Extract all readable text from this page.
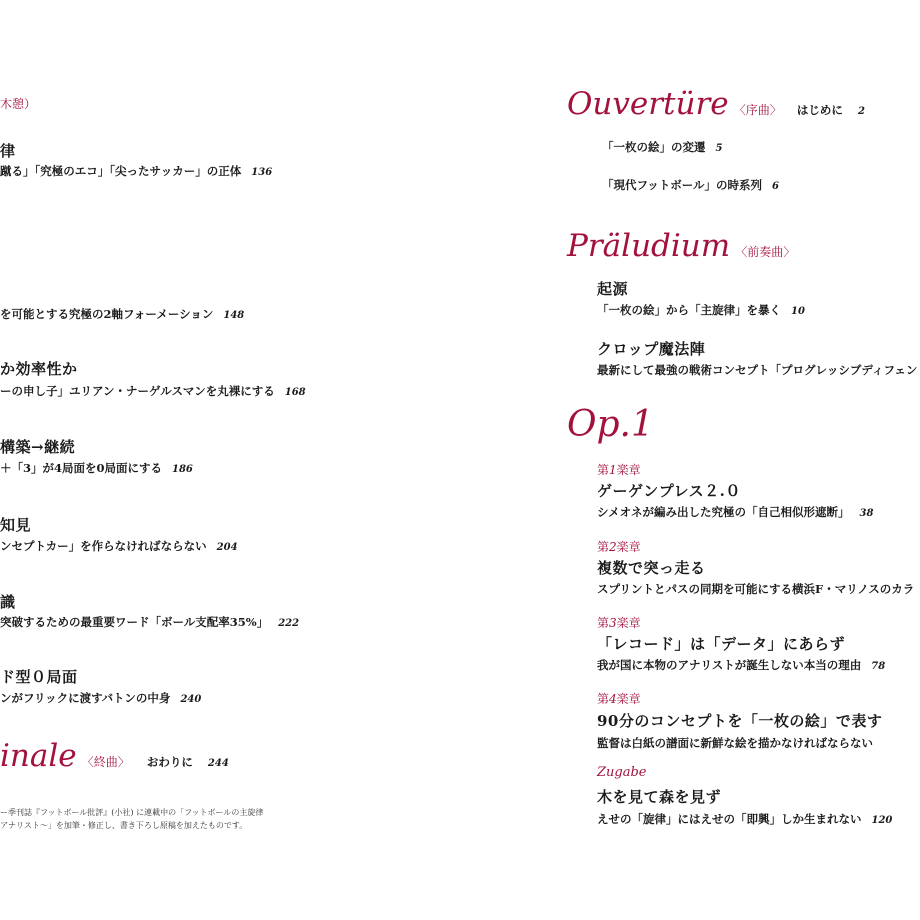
木憩）
律
蹴る」「究極のエコ」「尖ったサッカー」の正体 136
を可能とする究極の2軸フォーメーション 148
か効率性か
ーの申し子」ユリアン・ナーゲルスマンを丸裸にする 168
構築→継続
＋「3」が4局面を0局面にする 186
知見
ンセプトカー」を作らなければならない 204
識
突破するための最重要ワード「ボール支配率35%」 222
ド型０局面
ンがフリックに渡すバトンの中身 240
inale 〈終曲〉 おわりに 244
ー季刊誌『フットボール批評』(小社) に連載中の「フットボールの主旋律
アナリスト～」を加筆・修正し、書き下ろし原稿を加えたものです。
Ouvertüre 〈序曲〉 はじめに 2
「一枚の絵」の変遷 5
「現代フットボール」の時系列 6
Präludium 〈前奏曲〉
起源
「一枚の絵」から「主旋律」を暴く 10
クロップ魔法陣
最新にして最強の戦術コンセプト「プログレッシブディフェン
Op.1
第1楽章
ゲーゲンプレス２.０
シメオネが編み出した究極の「自己相似形遮断」 38
第2楽章
複数で突っ走る
スプリントとパスの同期を可能にする横浜F・マリノスのカラ
第3楽章
「レコード」は「データ」にあらず
我が国に本物のアナリストが誕生しない本当の理由 78
第4楽章
90分のコンセプトを「一枚の絵」で表す
監督は白紙の譜面に新鮮な絵を描かなければならない
Zugabe
木を見て森を見ず
えせの「旋律」にはえせの「即興」しか生まれない 120
